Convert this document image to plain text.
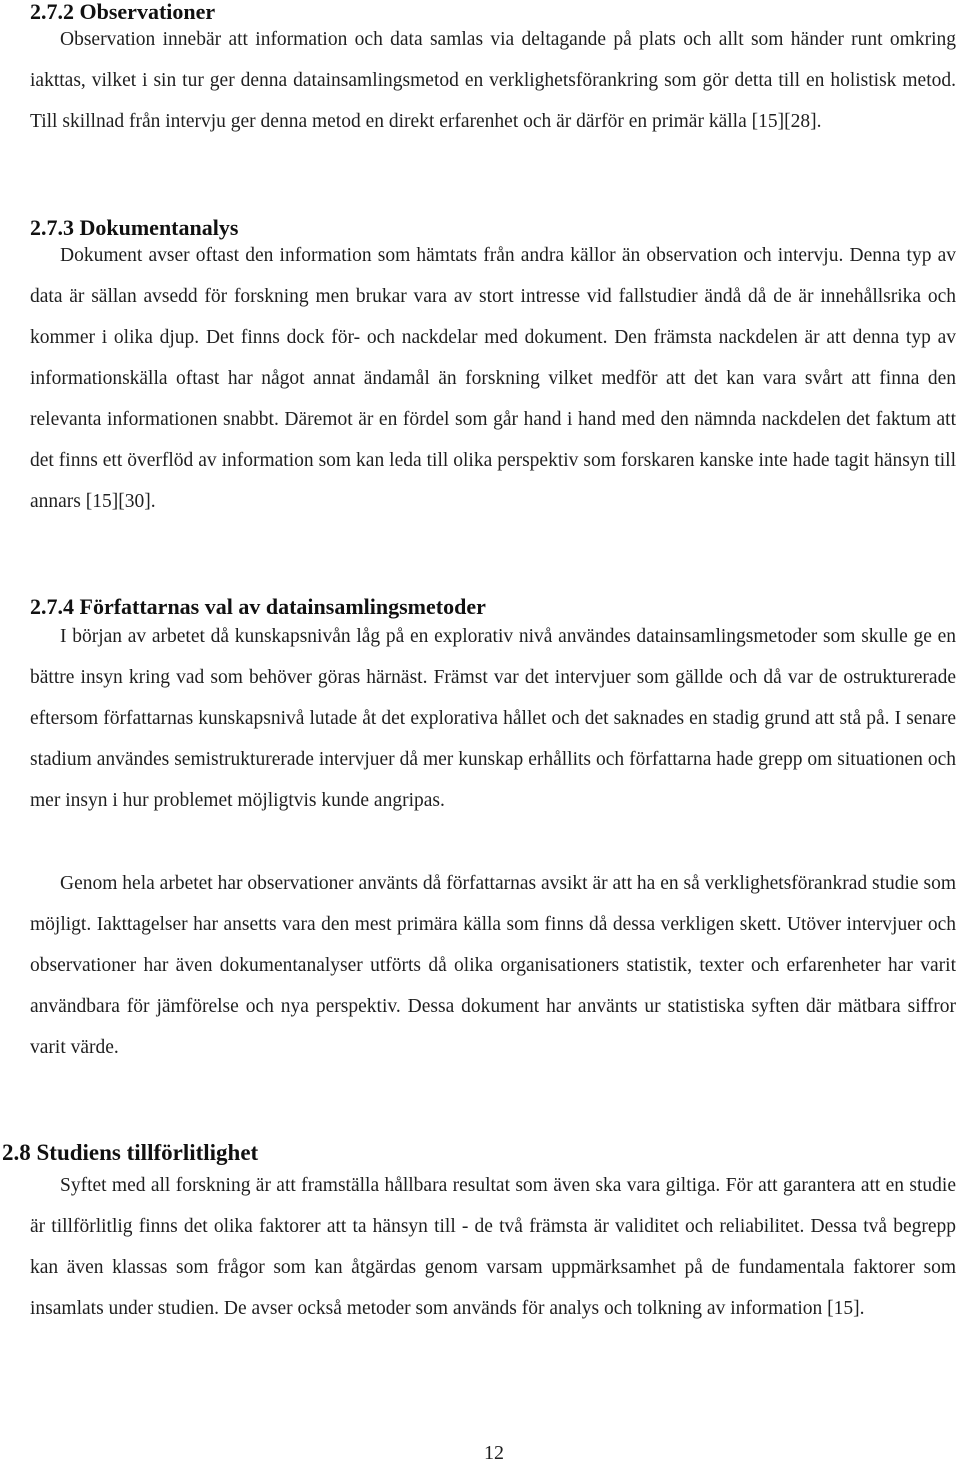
2.7.2 Observationer

Observation innebär att information och data samlas via deltagande på plats och allt som händer runt omkring iakttas, vilket i sin tur ger denna datainsamlingsmetod en verklighetsförankring som gör detta till en holistisk metod. Till skillnad från intervju ger denna metod en direkt erfarenhet och är därför en primär källa [15][28].

2.7.3 Dokumentanalys

Dokument avser oftast den information som hämtats från andra källor än observation och intervju. Denna typ av data är sällan avsedd för forskning men brukar vara av stort intresse vid fallstudier ändå då de är innehållsrika och kommer i olika djup. Det finns dock för- och nackdelar med dokument. Den främsta nackdelen är att denna typ av informationskälla oftast har något annat ändamål än forskning vilket medför att det kan vara svårt att finna den relevanta informationen snabbt. Däremot är en fördel som går hand i hand med den nämnda nackdelen det faktum att det finns ett överflöd av information som kan leda till olika perspektiv som forskaren kanske inte hade tagit hänsyn till annars [15][30].

2.7.4 Författarnas val av datainsamlingsmetoder

I början av arbetet då kunskapsnivån låg på en explorativ nivå användes datainsamlingsmetoder som skulle ge en bättre insyn kring vad som behöver göras härnäst. Främst var det intervjuer som gällde och då var de ostrukturerade eftersom författarnas kunskapsnivå lutade åt det explorativa hållet och det saknades en stadig grund att stå på. I senare stadium användes semistrukturerade intervjuer då mer kunskap erhållits och författarna hade grepp om situationen och mer insyn i hur problemet möjligtvis kunde angripas.

Genom hela arbetet har observationer använts då författarnas avsikt är att ha en så verklighetsförankrad studie som möjligt. Iakttagelser har ansetts vara den mest primära källa som finns då dessa verkligen skett. Utöver intervjuer och observationer har även dokumentanalyser utförts då olika organisationers statistik, texter och erfarenheter har varit användbara för jämförelse och nya perspektiv. Dessa dokument har använts ur statistiska syften där mätbara siffror varit värde.

2.8 Studiens tillförlitlighet

Syftet med all forskning är att framställa hållbara resultat som även ska vara giltiga. För att garantera att en studie är tillförlitlig finns det olika faktorer att ta hänsyn till - de två främsta är validitet och reliabilitet. Dessa två begrepp kan även klassas som frågor som kan åtgärdas genom varsam uppmärksamhet på de fundamentala faktorer som insamlats under studien. De avser också metoder som används för analys och tolkning av information [15].

12
